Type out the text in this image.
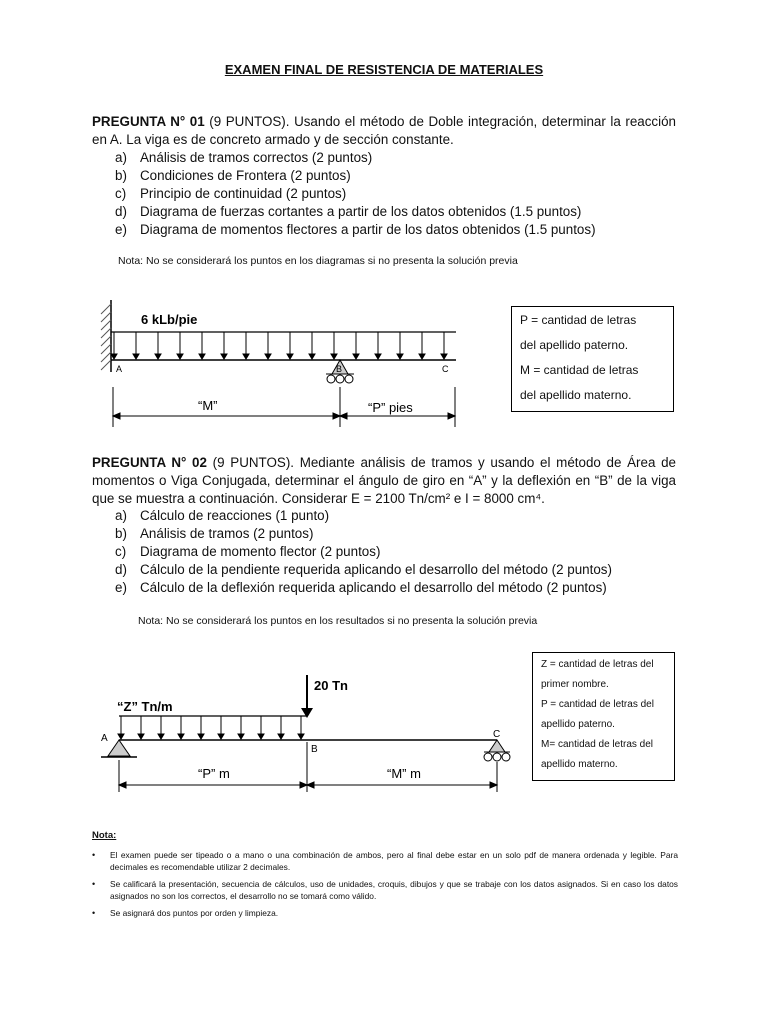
EXAMEN FINAL DE RESISTENCIA DE MATERIALES
PREGUNTA N° 01 (9 PUNTOS). Usando el método de Doble integración, determinar la reacción en A. La viga es de concreto armado y de sección constante.
a) Análisis de tramos correctos (2 puntos)
b) Condiciones de Frontera (2 puntos)
c)	Principio de continuidad (2 puntos)
d) Diagrama de fuerzas cortantes a partir de los datos obtenidos (1.5 puntos)
e) Diagrama de momentos flectores a partir de los datos obtenidos (1.5 puntos)
Nota: No se considerará los puntos en los diagramas si no presenta la solución previa
6 kLb/pie
A	B	C
“M”	“P” pies
P = cantidad de letras
del apellido paterno.
M = cantidad de letras
del apellido materno.
PREGUNTA N° 02 (9 PUNTOS). Mediante análisis de tramos y usando el método de Área de momentos o Viga Conjugada, determinar el ángulo de giro en “A” y la deflexión en “B” de la viga que se muestra a continuación. Considerar E = 2100 Tn/cm² e I = 8000 cm⁴.
a) Cálculo de reacciones (1 punto)
b) Análisis de tramos (2 puntos)
c)	Diagrama de momento flector (2 puntos)
d) Cálculo de la pendiente requerida aplicando el desarrollo del método (2 puntos)
e) Cálculo de la deflexión requerida aplicando el desarrollo del método (2 puntos)
Nota: No se considerará los puntos en los resultados si no presenta la solución previa
20 Tn
“Z” Tn/m
A
B
C
“P” m	“M” m
Z = cantidad de letras del
primer nombre.
P = cantidad de letras del
apellido paterno.
M= cantidad de letras del
apellido materno.
Nota:
•	El examen puede ser tipeado o a mano o una combinación de ambos, pero al final debe estar en un solo pdf de manera ordenada y legible. Para decimales es recomendable utilizar 2 decimales.
•	Se calificará la presentación, secuencia de cálculos, uso de unidades, croquis, dibujos y que se trabaje con los datos asignados. Si en caso los datos asignados no son los correctos, el desarrollo no se tomará como válido.
•	Se asignará dos puntos por orden y limpieza.
